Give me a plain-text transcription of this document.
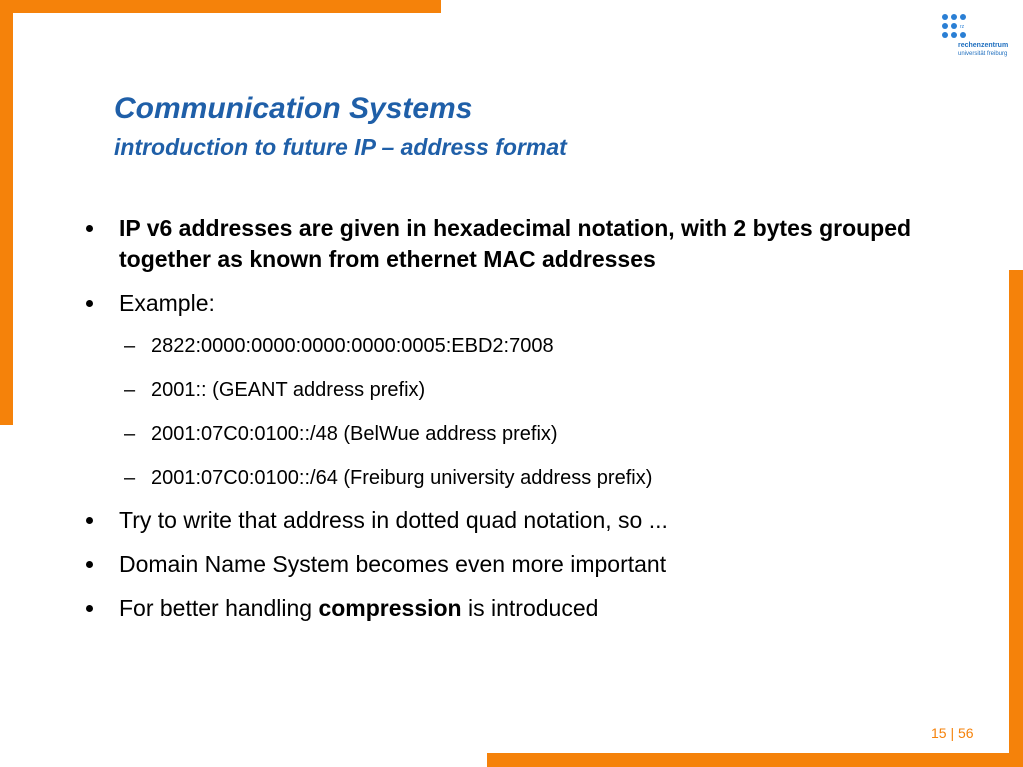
rz
rechenzentrum
universität freiburg
Communication Systems
introduction to future IP – address format
IP v6 addresses are given in hexadecimal notation, with 2 bytes grouped together as known from ethernet MAC addresses
Example:
– 2822:0000:0000:0000:0000:0005:EBD2:7008
– 2001:: (GEANT address prefix)
– 2001:07C0:0100::/48 (BelWue address prefix)
– 2001:07C0:0100::/64 (Freiburg university address prefix)
Try to write that address in dotted quad notation, so ...
Domain Name System becomes even more important
For better handling compression is introduced
15 | 56
